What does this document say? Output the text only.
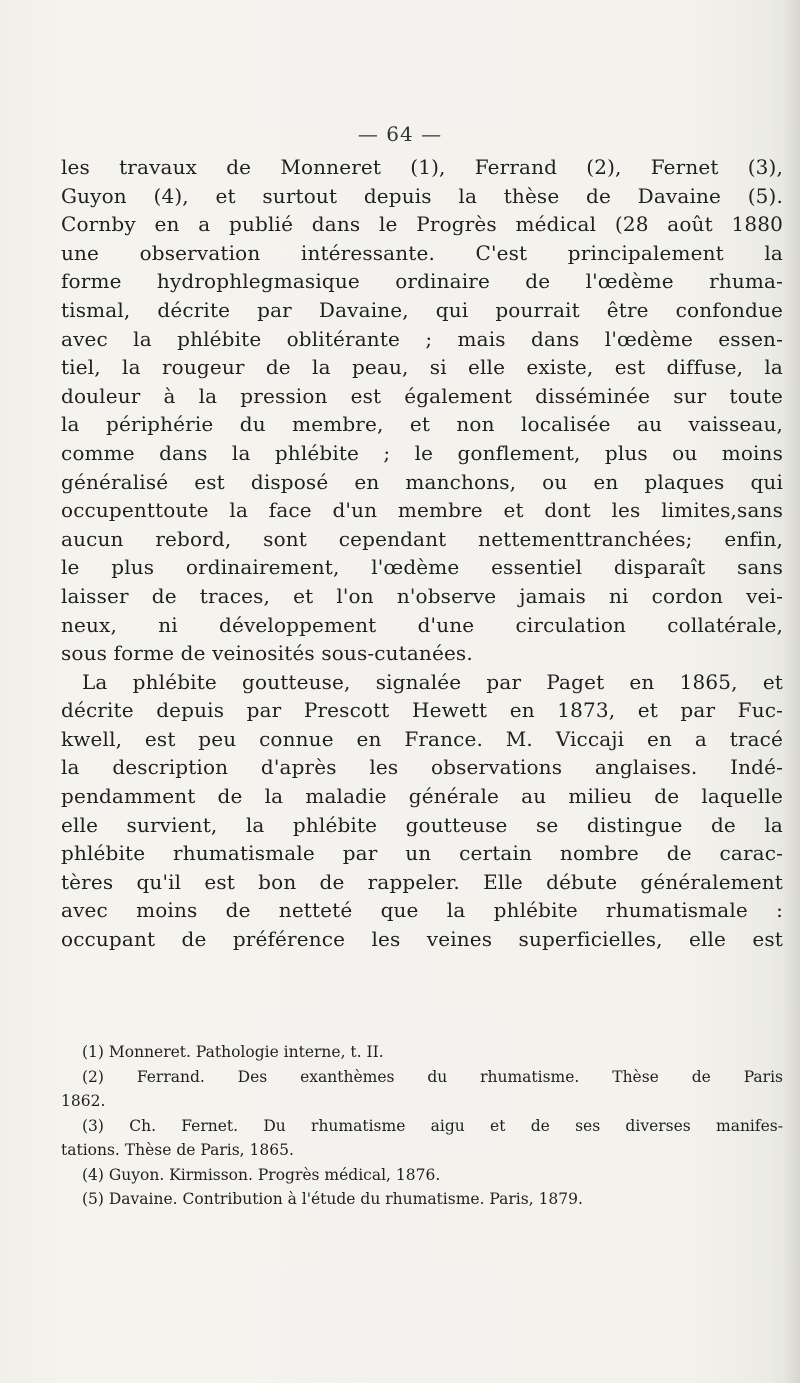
— 64 —
les travaux de Monneret (1), Ferrand (2), Fernet (3),
Guyon (4), et surtout depuis la thèse de Davaine (5).
Cornby en a publié dans le Progrès médical (28 août 1880
une observation intéressante. C'est principalement la
forme hydrophlegmasique ordinaire de l'œdème rhuma-
tismal, décrite par Davaine, qui pourrait être confondue
avec la phlébite oblitérante ; mais dans l'œdème essen-
tiel, la rougeur de la peau, si elle existe, est diffuse, la
douleur à la pression est également disséminée sur toute
la périphérie du membre, et non localisée au vaisseau,
comme dans la phlébite ; le gonflement, plus ou moins
généralisé est disposé en manchons, ou en plaques qui
occupenttoute la face d'un membre et dont les limites,sans
aucun rebord, sont cependant nettementtranchées; enfin,
le plus ordinairement, l'œdème essentiel disparaît sans
laisser de traces, et l'on n'observe jamais ni cordon vei-
neux, ni développement d'une circulation collatérale,
sous forme de veinosités sous-cutanées.
La phlébite goutteuse, signalée par Paget en 1865, et
décrite depuis par Prescott Hewett en 1873, et par Fuc-
kwell, est peu connue en France. M. Viccaji en a tracé
la description d'après les observations anglaises. Indé-
pendamment de la maladie générale au milieu de laquelle
elle survient, la phlébite goutteuse se distingue de la
phlébite rhumatismale par un certain nombre de carac-
tères qu'il est bon de rappeler. Elle débute généralement
avec moins de netteté que la phlébite rhumatismale :
occupant de préférence les veines superficielles, elle est
(1) Monneret. Pathologie interne, t. II.
(2) Ferrand. Des exanthèmes du rhumatisme. Thèse de Paris
1862.
(3) Ch. Fernet. Du rhumatisme aigu et de ses diverses manifes-
tations. Thèse de Paris, 1865.
(4) Guyon. Kirmisson. Progrès médical, 1876.
(5) Davaine. Contribution à l'étude du rhumatisme. Paris, 1879.
